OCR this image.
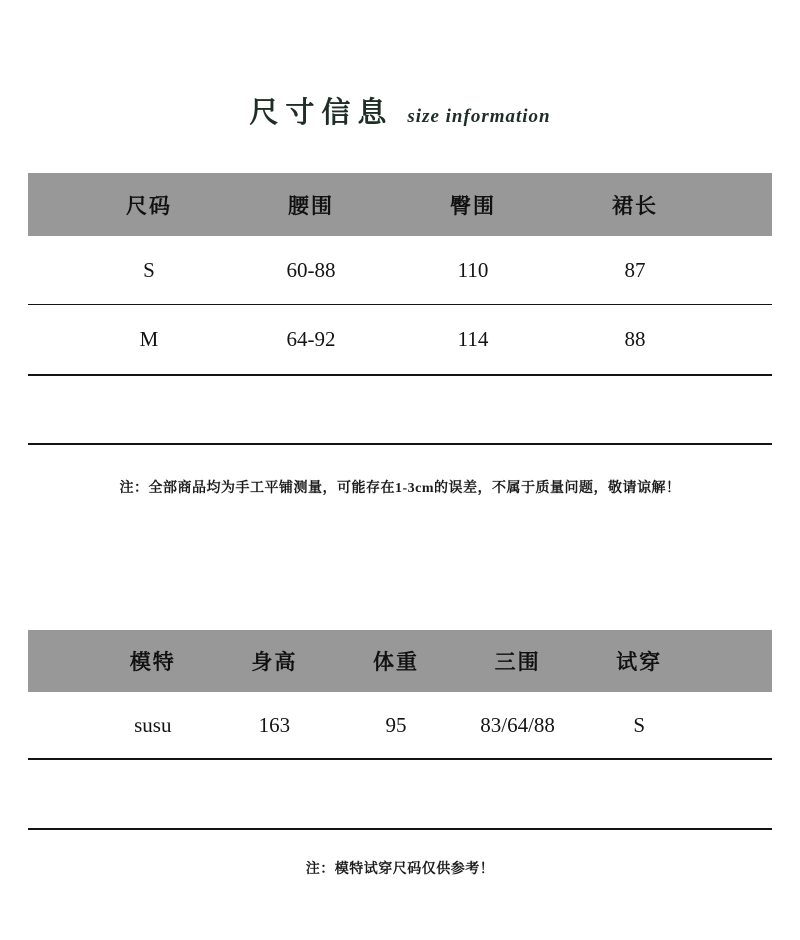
尺寸信息 size information
尺码	腰围	臀围	裙长
S	60-88	110	87
M	64-92	114	88
注：全部商品均为手工平铺测量，可能存在1-3cm的误差，不属于质量问题，敬请谅解！
模特	身高	体重	三围	试穿
susu	163	95	83/64/88	S
注：模特试穿尺码仅供参考！
